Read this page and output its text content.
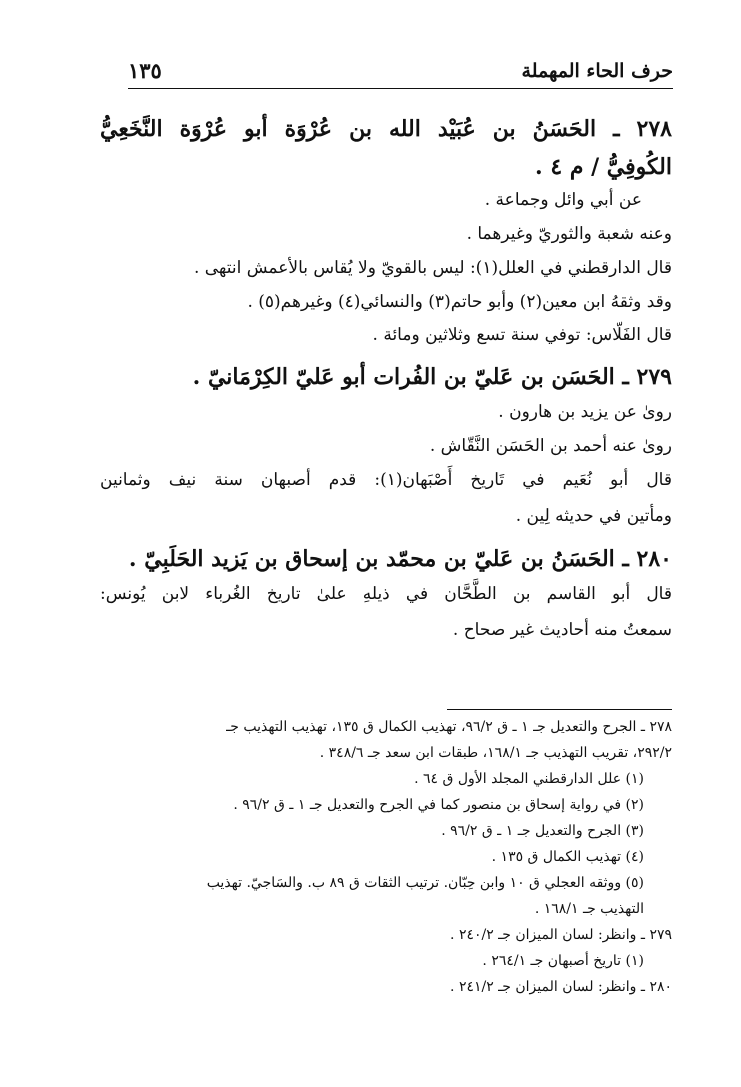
حرف الحاء المهملة
١٣٥
٢٧٨ ـ الحَسَنُ بن عُبَيْد الله بن عُرْوَة أبو عُرْوَة النَّخَعِيُّ
الكُوفِيُّ / م ٤ .
عن أبي وائل وجماعة .
وعنه شعبة والثوريّ وغيرهما .
قال الدارقطني في العلل(١): ليس بالقويّ ولا يُقاس بالأعمش انتهى .
وقد وثقهُ ابن معين(٢) وأبو حاتم(٣) والنسائي(٤) وغيرهم(٥) .
قال الفَلّاس: توفي سنة تسع وثلاثين ومائة .
٢٧٩ ـ الحَسَن بن عَليّ بن الفُرات أبو عَليّ الكِرْمَانيّ .
روىٰ عن يزيد بن هارون .
روىٰ عنه أحمد بن الحَسَن النَّقّاش .
قال أبو نُعَيم في تَاريخ أَصْبَهان(١): قدم أصبهان سنة نيف وثمانين
ومأتين في حديثه لِين .
٢٨٠ ـ الحَسَنُ بن عَليّ بن محمّد بن إسحاق بن يَزيد الحَلَبِيّ .
قال أبو القاسم بن الطَّحَّان في ذيلهِ علىٰ تاريخ الغُرباء لابن يُونس:
سمعتُ منه أحاديث غير صحاح .
٢٧٨ ـ الجرح والتعديل جـ ١ ـ ق ٩٦/٢، تهذيب الكمال ق ١٣٥، تهذيب التهذيب جـ
٢٩٢/٢، تقريب التهذيب جـ ١٦٨/١، طبقات ابن سعد جـ ٣٤٨/٦ .
(١) علل الدارقطني المجلد الأول ق ٦٤ .
(٢) في رواية إسحاق بن منصور كما في الجرح والتعديل جـ ١ ـ ق ٩٦/٢ .
(٣) الجرح والتعديل جـ ١ ـ ق ٩٦/٢ .
(٤) تهذيب الكمال ق ١٣٥ .
(٥) ووثقه العجلي ق ١٠ وابن حِبّان. ترتيب الثقات ق ٨٩ ب. والسَاجيّ. تهذيب
التهذيب جـ ١٦٨/١ .
٢٧٩ ـ وانظر: لسان الميزان جـ ٢٤٠/٢ .
(١) تاريخ أصبهان جـ ٢٦٤/١ .
٢٨٠ ـ وانظر: لسان الميزان جـ ٢٤١/٢ .
